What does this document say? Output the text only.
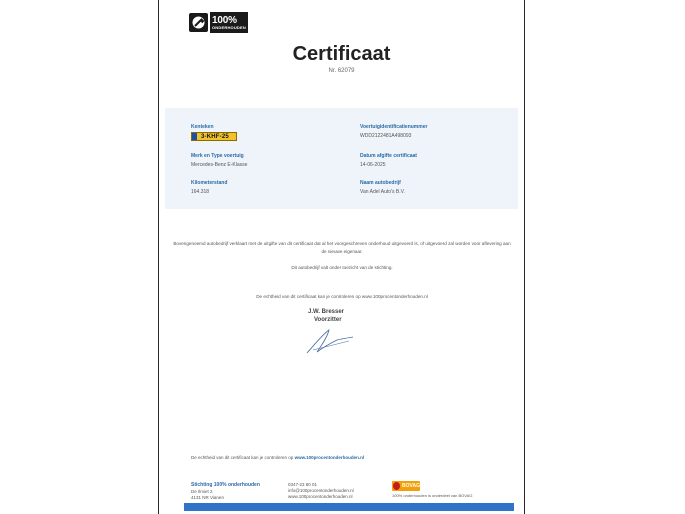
100%
ONDERHOUDEN
Certificaat
Nr. 62079
Kenteken
3-KHF-25
Voertuigidentificatienummer
WDD2122481A498093
Merk en Type voertuig
Mercedes-Benz E-Klasse
Datum afgifte certificaat
14-06-2025
Kilometerstand
164.318
Naam autobedrijf
Van Adel Auto's B.V.
Bovengenoemd autobedrijf verklaart met de uitgifte van dit certificaat dat al het voorgeschreven onderhoud uitgevoerd is, of uitgevoerd zal worden voor aflevering aan de nieuwe eigenaar.
Dit autobedrijf valt onder toezicht van de stichting.
De echtheid van dit certificaat kan je controleren op www.100procentonderhouden.nl
J.W. Bresser
Voorzitter
De echtheid van dit certificaat kan je controleren op www.100procentonderhouden.nl
Stichting 100% onderhouden
De Ilmiet 2
4131 NR Vianen
0347-23 80 01
info@100procentonderhouden.nl
www.100procentonderhouden.nl
BOVAG
100% onderhouden is onderdeel van BOVAG
